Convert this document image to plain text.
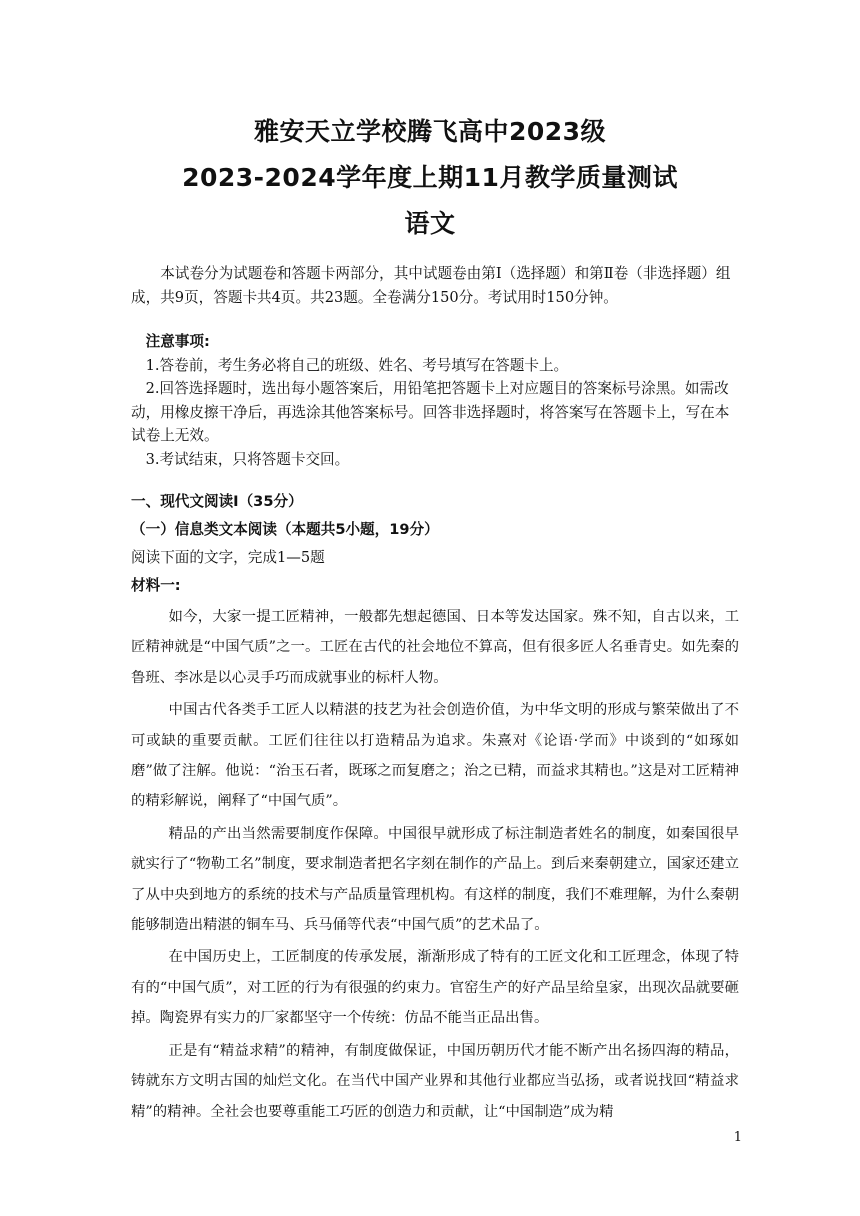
雅安天立学校腾飞高中2023级
2023-2024学年度上期11月教学质量测试
语文

本试卷分为试题卷和答题卡两部分，其中试题卷由第Ⅰ（选择题）和第Ⅱ卷（非选择题）组成，共9页，答题卡共4页。共23题。全卷满分150分。考试用时150分钟。

注意事项:

1.答卷前，考生务必将自己的班级、姓名、考号填写在答题卡上。

2.回答选择题时，选出每小题答案后，用铅笔把答题卡上对应题目的答案标号涂黑。如需改动，用橡皮擦干净后，再选涂其他答案标号。回答非选择题时，将答案写在答题卡上，写在本试卷上无效。

3.考试结束，只将答题卡交回。

一、现代文阅读Ⅰ（35分）

（一）信息类文本阅读（本题共5小题，19分）

阅读下面的文字，完成1—5题

材料一:

如今，大家一提工匠精神，一般都先想起德国、日本等发达国家。殊不知，自古以来，工匠精神就是“中国气质”之一。工匠在古代的社会地位不算高，但有很多匠人名垂青史。如先秦的鲁班、李冰是以心灵手巧而成就事业的标杆人物。

中国古代各类手工匠人以精湛的技艺为社会创造价值，为中华文明的形成与繁荣做出了不可或缺的重要贡献。工匠们往往以打造精品为追求。朱熹对《论语·学而》中谈到的“如琢如磨”做了注解。他说：“治玉石者，既琢之而复磨之；治之已精，而益求其精也。”这是对工匠精神的精彩解说，阐释了“中国气质”。

精品的产出当然需要制度作保障。中国很早就形成了标注制造者姓名的制度，如秦国很早就实行了“物勒工名”制度，要求制造者把名字刻在制作的产品上。到后来秦朝建立，国家还建立了从中央到地方的系统的技术与产品质量管理机构。有这样的制度，我们不难理解，为什么秦朝能够制造出精湛的铜车马、兵马俑等代表“中国气质”的艺术品了。

在中国历史上，工匠制度的传承发展，渐渐形成了特有的工匠文化和工匠理念，体现了特有的“中国气质”，对工匠的行为有很强的约束力。官窑生产的好产品呈给皇家，出现次品就要砸掉。陶瓷界有实力的厂家都坚守一个传统：仿品不能当正品出售。

正是有“精益求精”的精神，有制度做保证，中国历朝历代才能不断产出名扬四海的精品，铸就东方文明古国的灿烂文化。在当代中国产业界和其他行业都应当弘扬，或者说找回“精益求精”的精神。全社会也要尊重能工巧匠的创造力和贡献，让“中国制造”成为精

1
